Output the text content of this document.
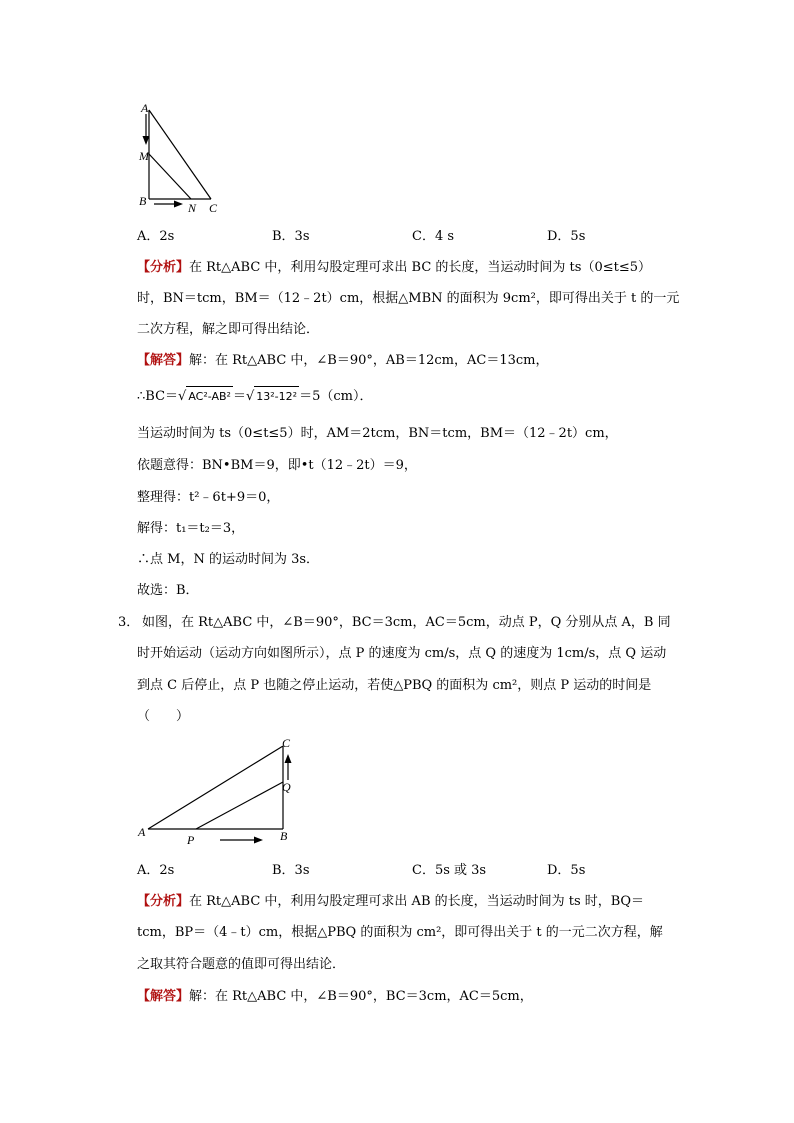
A
M
B	N C
A．2s	B．3s	C．4 s	D．5s
【分析】在 Rt△ABC 中，利用勾股定理可求出 BC 的长度，当运动时间为 ts（0≤t≤5）
时，BN＝tcm，BM＝（12﹣2t）cm，根据△MBN 的面积为 9cm²，即可得出关于 t 的一元
二次方程，解之即可得出结论．
【解答】解：在 Rt△ABC 中，∠B＝90°，AB＝12cm，AC＝13cm，
∴BC＝√ AC²-AB² ＝√ 13²-12² ＝5（cm）．
当运动时间为 ts（0≤t≤5）时，AM＝2tcm，BN＝tcm，BM＝（12﹣2t）cm，
依题意得：BN•BM＝9，即•t（12﹣2t）＝9，
整理得：t²﹣6t+9＝0，
解得：t₁＝t₂＝3，
∴点 M，N 的运动时间为 3s．
故选：B．
3． 如图，在 Rt△ABC 中，∠B＝90°，BC＝3cm，AC＝5cm，动点 P，Q 分别从点 A，B 同
时开始运动（运动方向如图所示），点 P 的速度为 cm/s，点 Q 的速度为 1cm/s，点 Q 运动
到点 C 后停止，点 P 也随之停止运动，若使△PBQ 的面积为 cm²，则点 P 运动的时间是
（　　）
C
Q
A
P	B
A．2s	B．3s	C．5s 或 3s	D．5s
【分析】在 Rt△ABC 中，利用勾股定理可求出 AB 的长度，当运动时间为 ts 时，BQ＝
tcm，BP＝（4﹣t）cm，根据△PBQ 的面积为 cm²，即可得出关于 t 的一元二次方程，解
之取其符合题意的值即可得出结论．
【解答】解：在 Rt△ABC 中，∠B＝90°，BC＝3cm，AC＝5cm，
